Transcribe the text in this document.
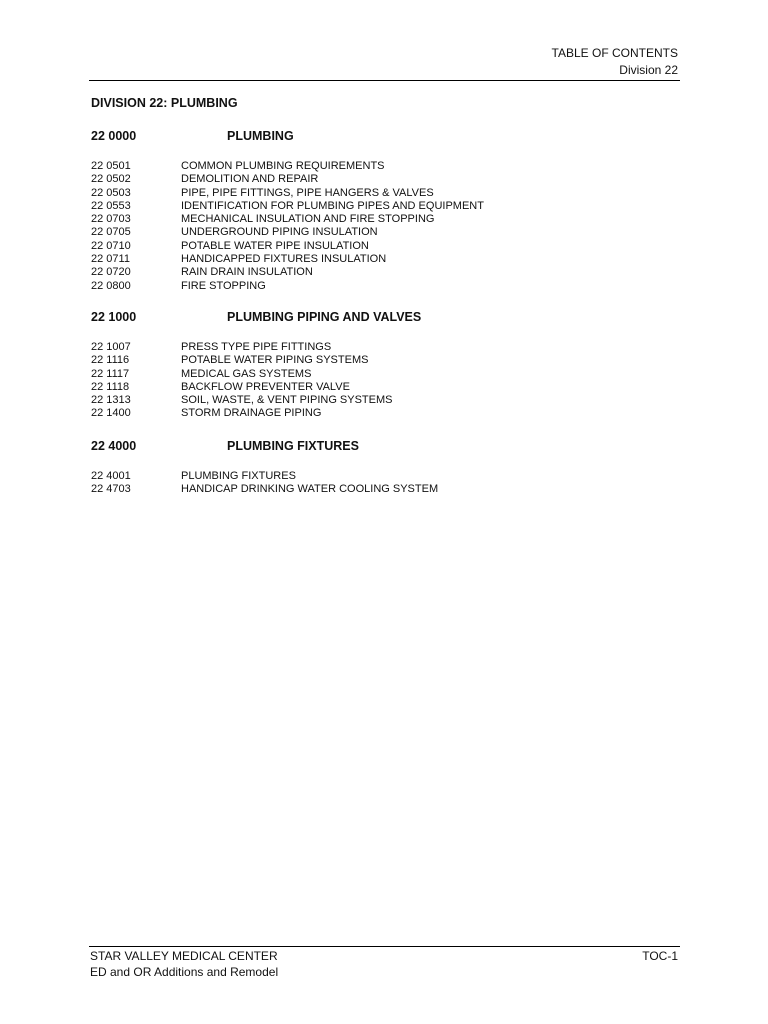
TABLE OF CONTENTS
Division 22
DIVISION 22: PLUMBING
22 0000	PLUMBING
22 0501	COMMON PLUMBING REQUIREMENTS
22 0502	DEMOLITION AND REPAIR
22 0503	PIPE, PIPE FITTINGS, PIPE HANGERS & VALVES
22 0553	IDENTIFICATION FOR PLUMBING PIPES AND EQUIPMENT
22 0703	MECHANICAL INSULATION AND FIRE STOPPING
22 0705	UNDERGROUND PIPING INSULATION
22 0710	POTABLE WATER PIPE INSULATION
22 0711	HANDICAPPED FIXTURES INSULATION
22 0720	RAIN DRAIN INSULATION
22 0800	FIRE STOPPING
22 1000	PLUMBING PIPING AND VALVES
22 1007	PRESS TYPE PIPE FITTINGS
22 1116	POTABLE WATER PIPING SYSTEMS
22 1117	MEDICAL GAS SYSTEMS
22 1118	BACKFLOW PREVENTER VALVE
22 1313	SOIL, WASTE, & VENT PIPING SYSTEMS
22 1400	STORM DRAINAGE PIPING
22 4000	PLUMBING FIXTURES
22 4001	PLUMBING FIXTURES
22 4703	HANDICAP DRINKING WATER COOLING SYSTEM
STAR VALLEY MEDICAL CENTER
ED and OR Additions and Remodel
TOC-1
